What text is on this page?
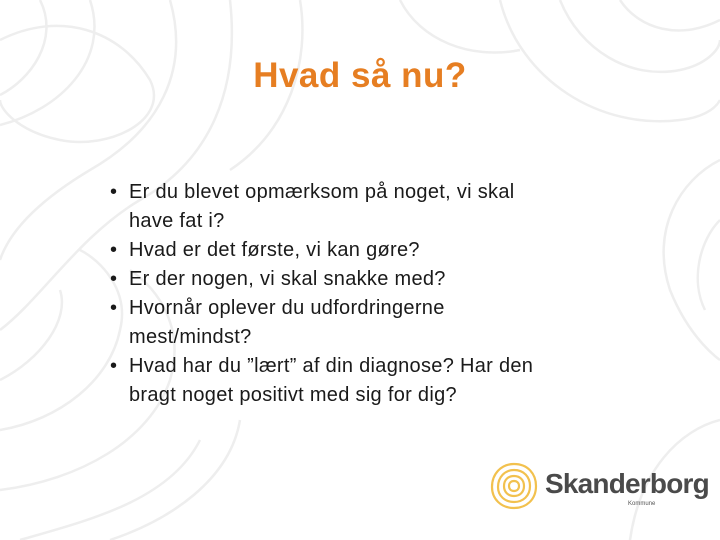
Hvad så nu?
• Er du blevet opmærksom på noget, vi skal
have fat i?
• Hvad er det første, vi kan gøre?
• Er der nogen, vi skal snakke med?
• Hvornår oplever du udfordringerne
mest/mindst?
• Hvad har du ”lært” af din diagnose? Har den
bragt noget positivt med sig for dig?
Skanderborg
Kommune
